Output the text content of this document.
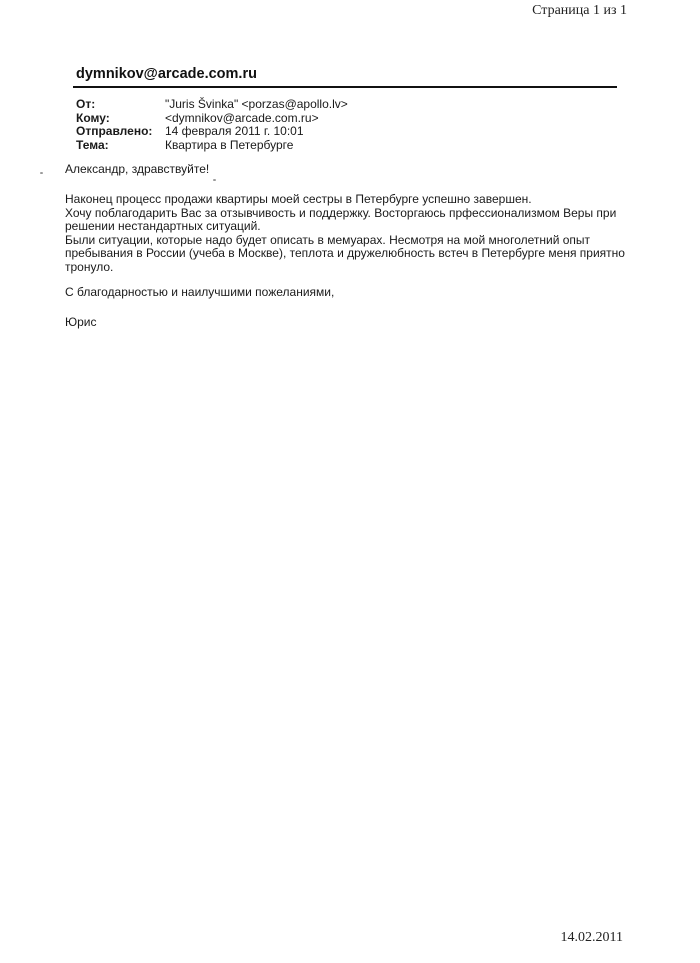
Страница 1 из 1
dymnikov@arcade.com.ru
От:	"Juris Švinka" <porzas@apollo.lv>
Кому:	<dymnikov@arcade.com.ru>
Отправлено:	14 февраля 2011 г. 10:01
Тема:	Квартира в Петербурге
Александр, здравствуйте!

Наконец процесс продажи квартиры моей сестры в Петербурге успешно завершен.

Хочу поблагодарить Вас за отзывчивость и поддержку. Восторгаюсь прфессионализмом Веры при

решении нестандартных ситуаций.

Были ситуации, которые надо будет описать в мемуарах. Несмотря на мой многолетний опыт

пребывания в России (учеба в Москве), теплота и дружелюбность встеч в Петербурге меня приятно

тронуло.

С благодарностью и наилучшими пожеланиями,
Юрис
14.02.2011
